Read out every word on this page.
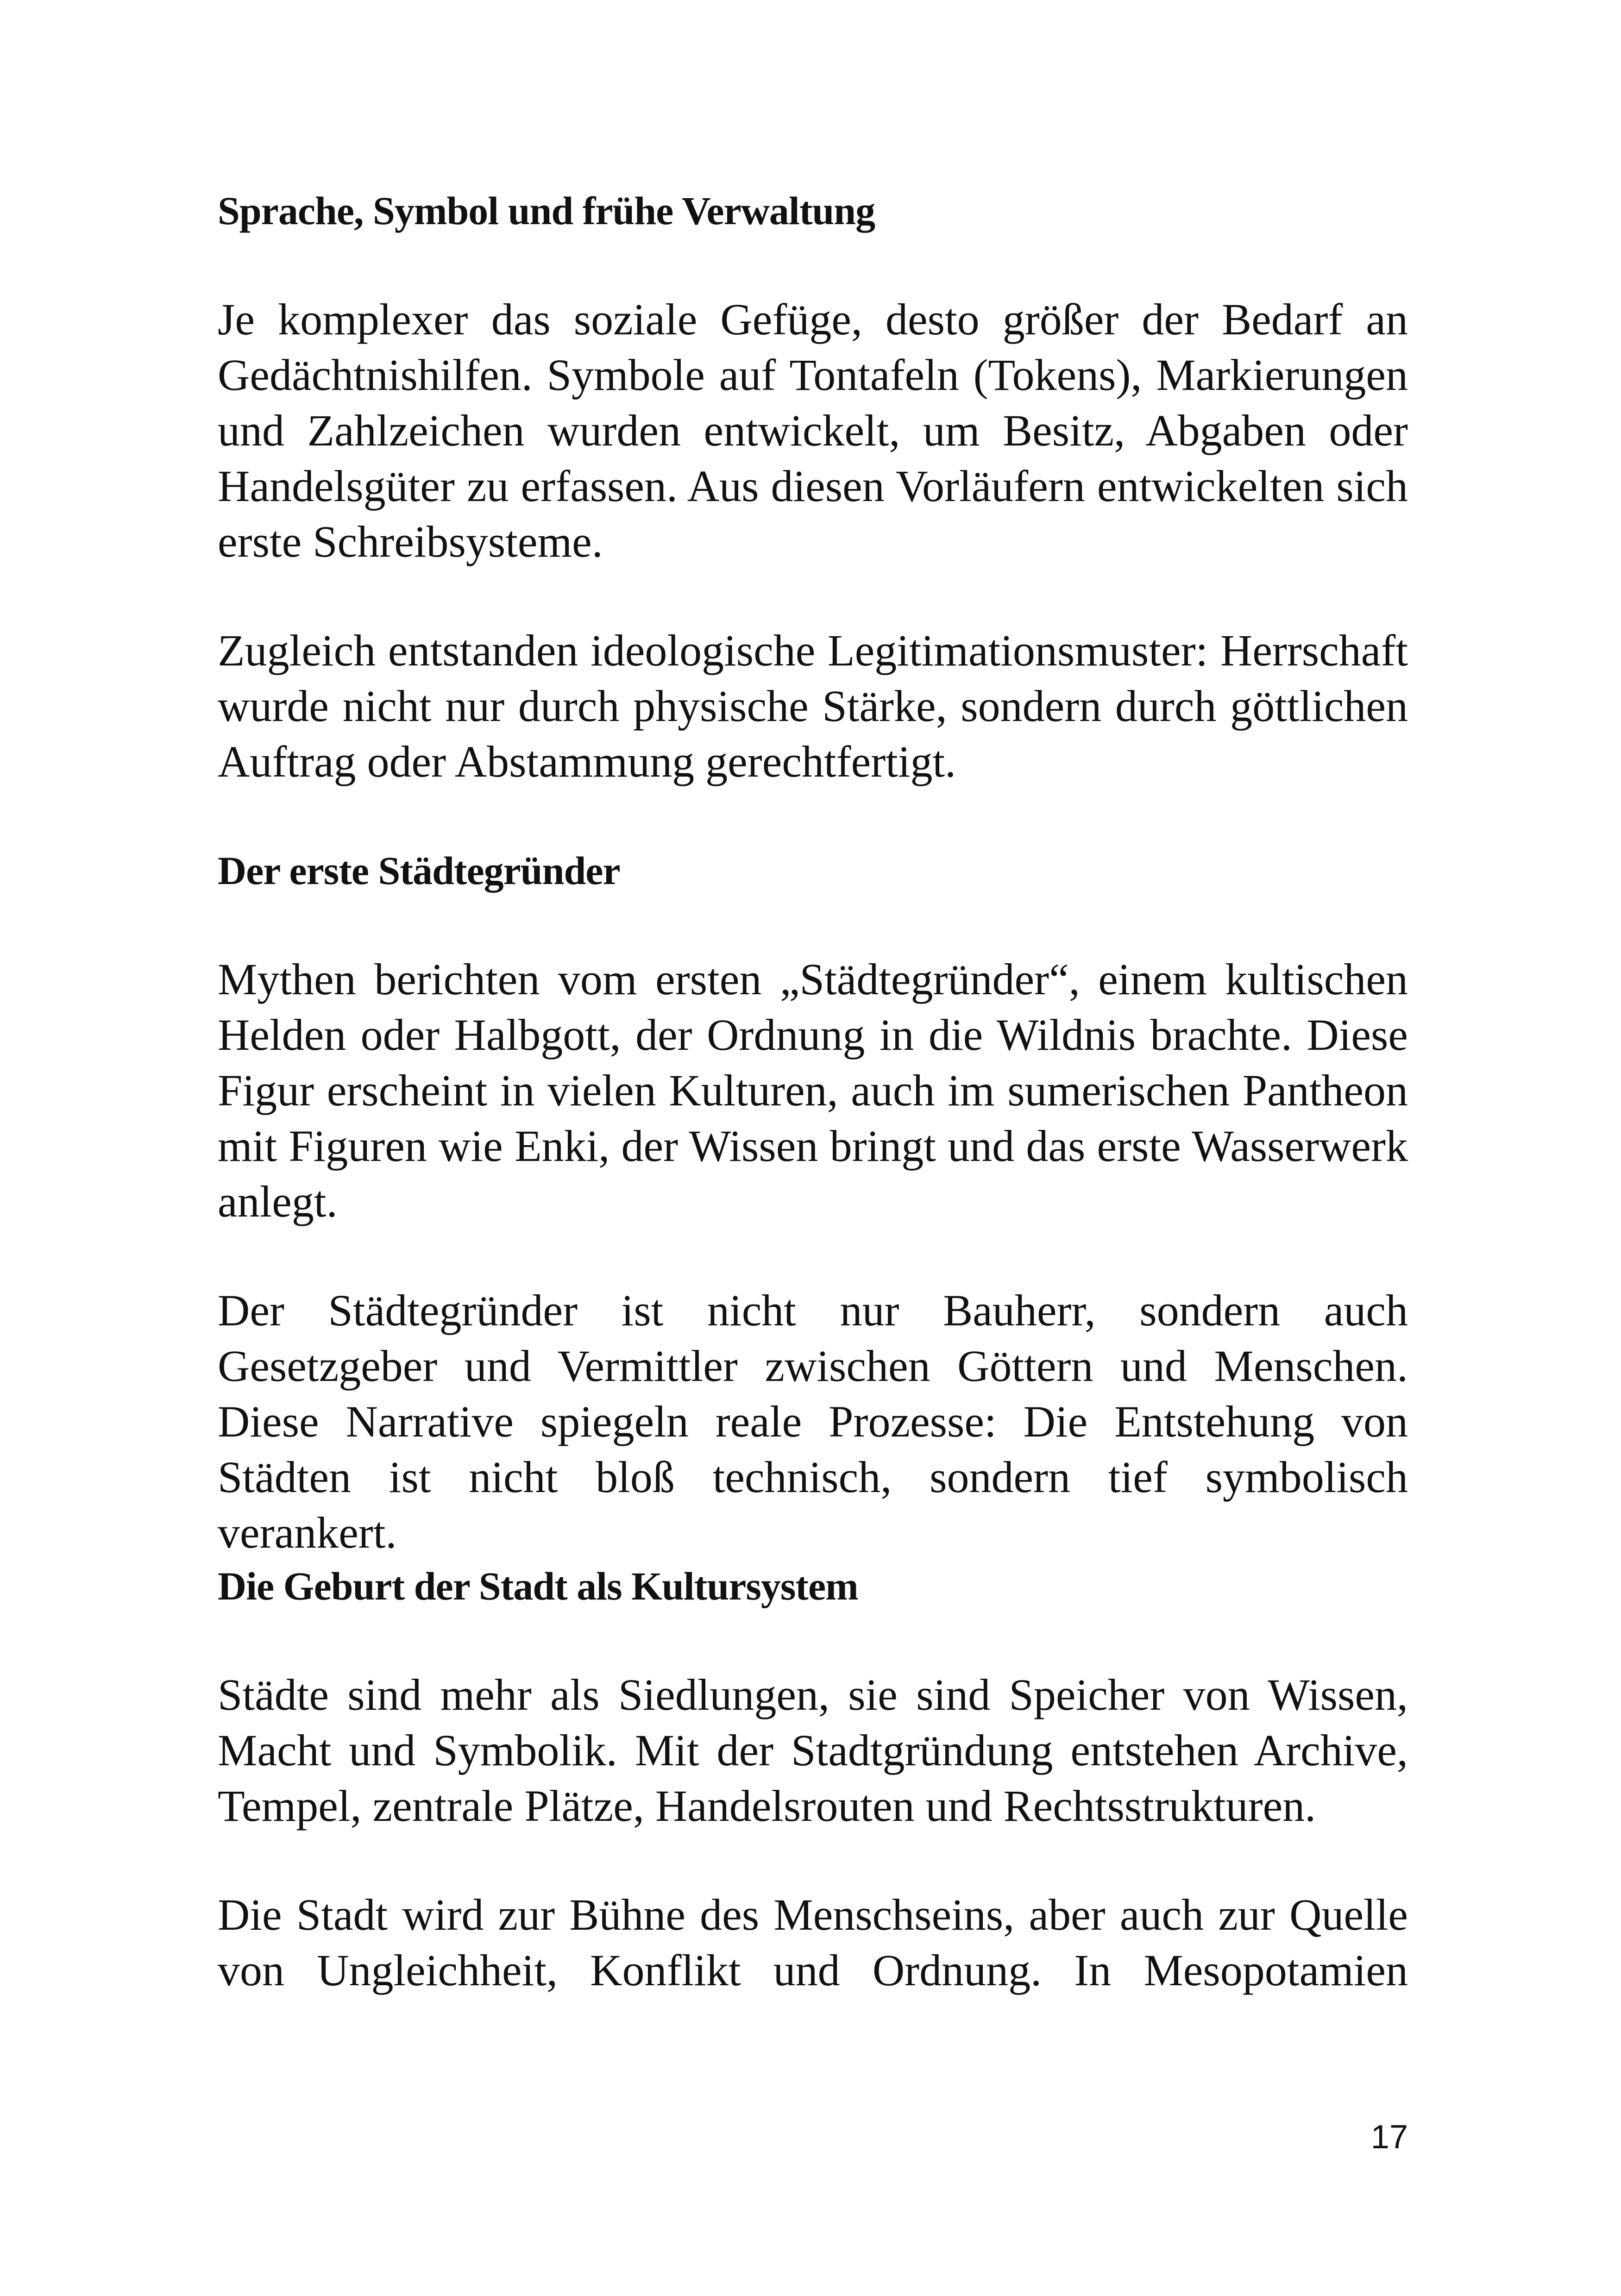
Sprache, Symbol und frühe Verwaltung

Je komplexer das soziale Gefüge, desto größer der Bedarf an Gedächtnishilfen. Symbole auf Tontafeln (Tokens), Markierungen und Zahlzeichen wurden entwickelt, um Besitz, Abgaben oder Handelsgüter zu erfassen. Aus diesen Vorläufern entwickelten sich erste Schreibsysteme.

Zugleich entstanden ideologische Legitimationsmuster: Herrschaft wurde nicht nur durch physische Stärke, sondern durch göttlichen Auftrag oder Abstammung gerechtfertigt.

Der erste Städtegründer

Mythen berichten vom ersten „Städtegründer“, einem kultischen Helden oder Halbgott, der Ordnung in die Wildnis brachte. Diese Figur erscheint in vielen Kulturen, auch im sumerischen Pantheon mit Figuren wie Enki, der Wissen bringt und das erste Wasserwerk anlegt.

Der Städtegründer ist nicht nur Bauherr, sondern auch Gesetzgeber und Vermittler zwischen Göttern und Menschen. Diese Narrative spiegeln reale Prozesse: Die Entstehung von Städten ist nicht bloß technisch, sondern tief symbolisch verankert.

Die Geburt der Stadt als Kultursystem

Städte sind mehr als Siedlungen, sie sind Speicher von Wissen, Macht und Symbolik. Mit der Stadtgründung entstehen Archive, Tempel, zentrale Plätze, Handelsrouten und Rechtsstrukturen.

Die Stadt wird zur Bühne des Menschseins, aber auch zur Quelle von Ungleichheit, Konflikt und Ordnung. In Mesopotamien

17
